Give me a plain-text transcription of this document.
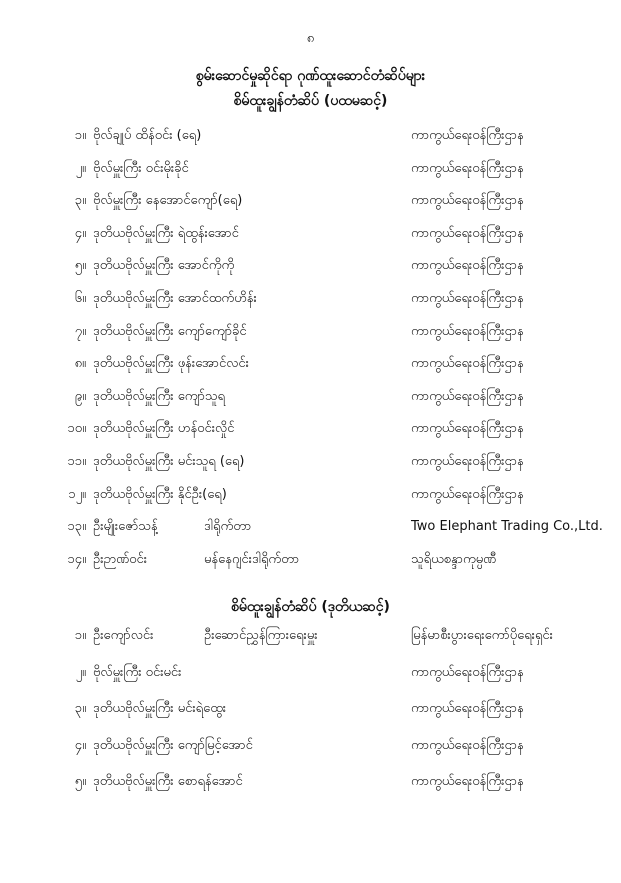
၈
စွမ်းဆောင်မှုဆိုင်ရာ ဂုဏ်ထူးဆောင်တံဆိပ်များ
စိမ်ထူးချွန်တံဆိပ် (ပထမဆင့်)
၁။ ဗိုလ်ချုပ် ထိန်ဝင်း (ရေ)	ကာကွယ်ရေးဝန်ကြီးဌာန
၂။ ဗိုလ်မှူးကြီး ဝင်းမိုးခိုင်	ကာကွယ်ရေးဝန်ကြီးဌာန
၃။ ဗိုလ်မှူးကြီး နေအောင်ကျော်(ရေ)	ကာကွယ်ရေးဝန်ကြီးဌာန
၄။ ဒုတိယဗိုလ်မှူးကြီး ရဲထွန်းအောင်	ကာကွယ်ရေးဝန်ကြီးဌာန
၅။ ဒုတိယဗိုလ်မှူးကြီး အောင်ကိုကို	ကာကွယ်ရေးဝန်ကြီးဌာန
၆။ ဒုတိယဗိုလ်မှူးကြီး အောင်ထက်ဟိန်း	ကာကွယ်ရေးဝန်ကြီးဌာန
၇။ ဒုတိယဗိုလ်မှူးကြီး ကျော်ကျော်ခိုင်	ကာကွယ်ရေးဝန်ကြီးဌာန
၈။ ဒုတိယဗိုလ်မှူးကြီး ဖုန်းအောင်လင်း	ကာကွယ်ရေးဝန်ကြီးဌာန
၉။ ဒုတိယဗိုလ်မှူးကြီး ကျော်သူရ	ကာကွယ်ရေးဝန်ကြီးဌာန
၁၀။ ဒုတိယဗိုလ်မှူးကြီး ဟန်ဝင်းလှိုင်	ကာကွယ်ရေးဝန်ကြီးဌာန
၁၁။ ဒုတိယဗိုလ်မှူးကြီး မင်းသူရ (ရေ)	ကာကွယ်ရေးဝန်ကြီးဌာန
၁၂။ ဒုတိယဗိုလ်မှူးကြီး နိုင်ဦး(ရေ)	ကာကွယ်ရေးဝန်ကြီးဌာန
၁၃။ ဦးမျိုးဇော်သန့်	ဒါရိုက်တာ	Two Elephant Trading Co.,Ltd.
၁၄။ ဦးဉာဏ်ဝင်း	မန်နေဂျင်းဒါရိုက်တာ	သူရိယစန္ဒာကုမ္ပဏီ
စိမ်ထူးချွန်တံဆိပ် (ဒုတိယဆင့်)
၁။ ဦးကျော်လင်း	ဦးဆောင်ညွှန်ကြားရေးမှူး	မြန်မာစီးပွားရေးကော်ပိုရေးရှင်း
၂။ ဗိုလ်မှူးကြီး ဝင်းမင်း	ကာကွယ်ရေးဝန်ကြီးဌာန
၃။ ဒုတိယဗိုလ်မှူးကြီး မင်းရဲထွေး	ကာကွယ်ရေးဝန်ကြီးဌာန
၄။ ဒုတိယဗိုလ်မှူးကြီး ကျော်မြင့်အောင်	ကာကွယ်ရေးဝန်ကြီးဌာန
၅။ ဒုတိယဗိုလ်မှူးကြီး စောရန်အောင်	ကာကွယ်ရေးဝန်ကြီးဌာန
